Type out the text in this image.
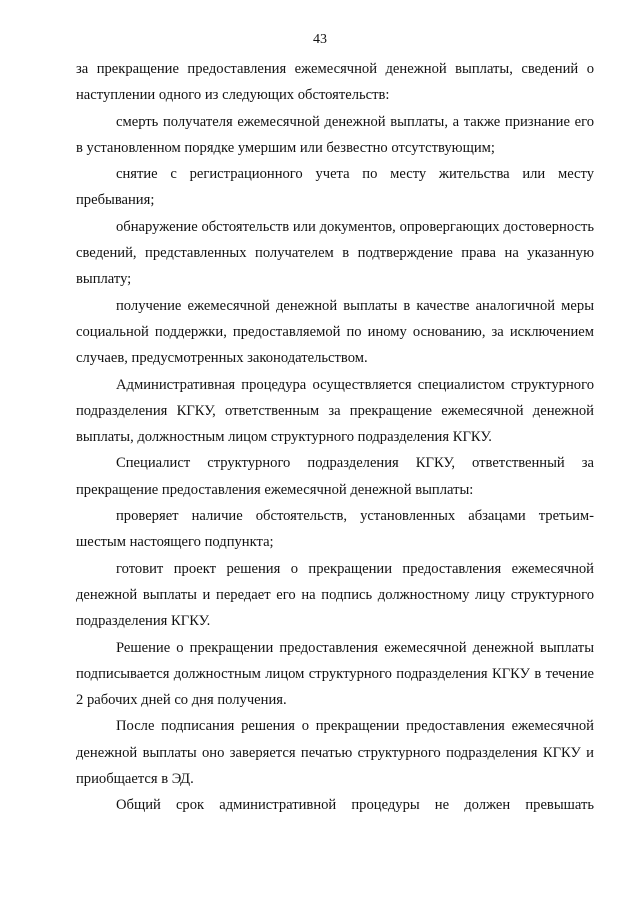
43

за прекращение предоставления ежемесячной денежной выплаты, сведений о наступлении одного из следующих обстоятельств:

смерть получателя ежемесячной денежной выплаты, а также признание его в установленном порядке умершим или безвестно отсутствующим;

снятие с регистрационного учета по месту жительства или месту пребывания;

обнаружение обстоятельств или документов, опровергающих достоверность сведений, представленных получателем в подтверждение права на указанную выплату;

получение ежемесячной денежной выплаты в качестве аналогичной меры социальной поддержки, предоставляемой по иному основанию, за исключением случаев, предусмотренных законодательством.

Административная процедура осуществляется специалистом структурного подразделения КГКУ, ответственным за прекращение ежемесячной денежной выплаты, должностным лицом структурного подразделения КГКУ.

Специалист структурного подразделения КГКУ, ответственный за прекращение предоставления ежемесячной денежной выплаты:

проверяет наличие обстоятельств, установленных абзацами третьим-шестым настоящего подпункта;

готовит проект решения о прекращении предоставления ежемесячной денежной выплаты и передает его на подпись должностному лицу структурного подразделения КГКУ.

Решение о прекращении предоставления ежемесячной денежной выплаты подписывается должностным лицом структурного подразделения КГКУ в течение 2 рабочих дней со дня получения.

После подписания решения о прекращении предоставления ежемесячной денежной выплаты оно заверяется печатью структурного подразделения КГКУ и приобщается в ЭД.

Общий срок административной процедуры не должен превышать
